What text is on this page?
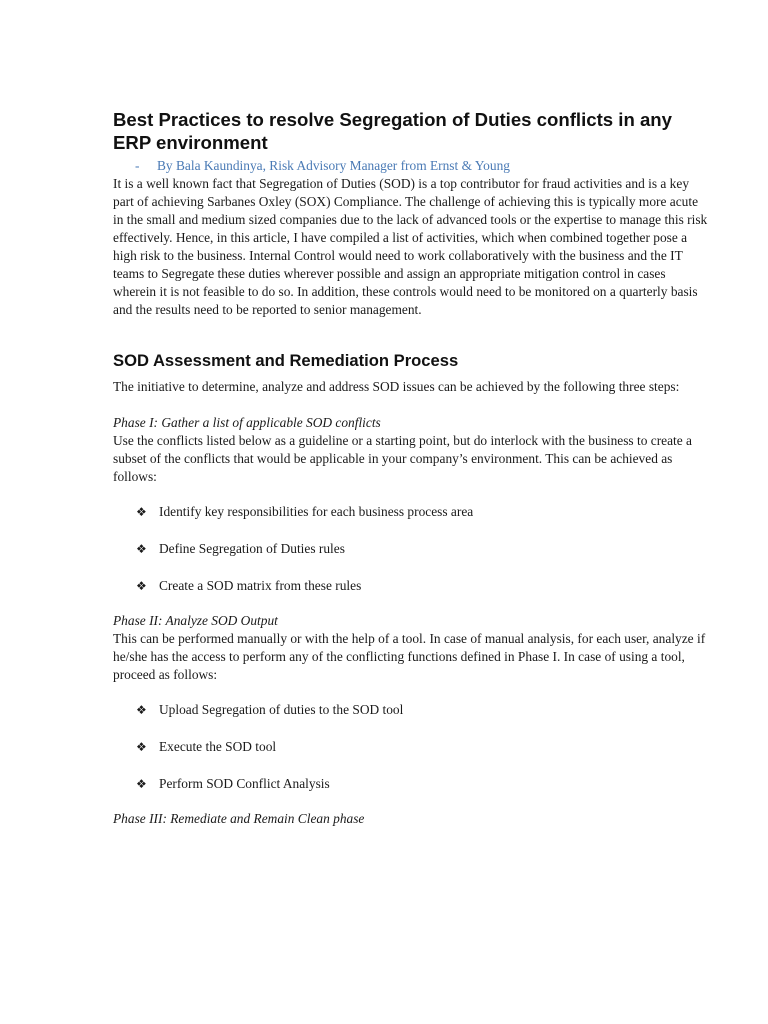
Best Practices to resolve Segregation of Duties conflicts in any ERP environment
- By Bala Kaundinya, Risk Advisory Manager from Ernst & Young

It is a well known fact that Segregation of Duties (SOD) is a top contributor for fraud activities and is a key part of achieving Sarbanes Oxley (SOX) Compliance. The challenge of achieving this is typically more acute in the small and medium sized companies due to the lack of advanced tools or the expertise to manage this risk effectively. Hence, in this article, I have compiled a list of activities, which when combined together pose a high risk to the business. Internal Control would need to work collaboratively with the business and the IT teams to Segregate these duties wherever possible and assign an appropriate mitigation control in cases wherein it is not feasible to do so. In addition, these controls would need to be monitored on a quarterly basis and the results need to be reported to senior management.

SOD Assessment and Remediation Process

The initiative to determine, analyze and address SOD issues can be achieved by the following three steps:

Phase I: Gather a list of applicable SOD conflicts

Use the conflicts listed below as a guideline or a starting point, but do interlock with the business to create a subset of the conflicts that would be applicable in your company’s environment. This can be achieved as follows:

❖ Identify key responsibilities for each business process area
❖ Define Segregation of Duties rules
❖ Create a SOD matrix from these rules

Phase II: Analyze SOD Output

This can be performed manually or with the help of a tool. In case of manual analysis, for each user, analyze if he/she has the access to perform any of the conflicting functions defined in Phase I. In case of using a tool, proceed as follows:

❖ Upload Segregation of duties to the SOD tool
❖ Execute the SOD tool
❖ Perform SOD Conflict Analysis

Phase III: Remediate and Remain Clean phase
